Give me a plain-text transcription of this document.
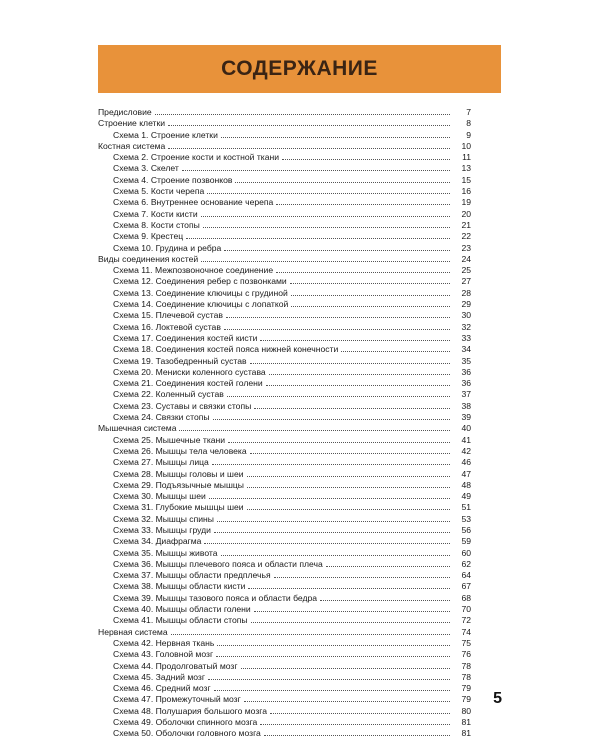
СОДЕРЖАНИЕ
Предисловие	7
Строение клетки	8
Схема 1. Строение клетки	9
Костная система	10
Схема 2. Строение кости и костной ткани	11
Схема 3. Скелет	13
Схема 4. Строение позвонков	15
Схема 5. Кости черепа	16
Схема 6. Внутреннее основание черепа	19
Схема 7. Кости кисти	20
Схема 8. Кости стопы	21
Схема 9. Крестец	22
Схема 10. Грудина и ребра	23
Виды соединения костей	24
Схема 11. Межпозвоночное соединение	25
Схема 12. Соединения ребер с позвонками	27
Схема 13. Соединение ключицы с грудиной	28
Схема 14. Соединение ключицы с лопаткой	29
Схема 15. Плечевой сустав	30
Схема 16. Локтевой сустав	32
Схема 17. Соединения костей кисти	33
Схема 18. Соединения костей пояса нижней конечности	34
Схема 19. Тазобедренный сустав	35
Схема 20. Мениски коленного сустава	36
Схема 21. Соединения костей голени	36
Схема 22. Коленный сустав	37
Схема 23. Суставы и связки стопы	38
Схема 24. Связки стопы	39
Мышечная система	40
Схема 25. Мышечные ткани	41
Схема 26. Мышцы тела человека	42
Схема 27. Мышцы лица	46
Схема 28. Мышцы головы и шеи	47
Схема 29. Подъязычные мышцы	48
Схема 30. Мышцы шеи	49
Схема 31. Глубокие мышцы шеи	51
Схема 32. Мышцы спины	53
Схема 33. Мышцы груди	56
Схема 34. Диафрагма	59
Схема 35. Мышцы живота	60
Схема 36. Мышцы плечевого пояса и области плеча	62
Схема 37. Мышцы области предплечья	64
Схема 38. Мышцы области кисти	67
Схема 39. Мышцы тазового пояса и области бедра	68
Схема 40. Мышцы области голени	70
Схема 41. Мышцы области стопы	72
Нервная система	74
Схема 42. Нервная ткань	75
Схема 43. Головной мозг	76
Схема 44. Продолговатый мозг	78
Схема 45. Задний мозг	78
Схема 46. Средний мозг	79
Схема 47. Промежуточный мозг	79
Схема 48. Полушария большого мозга	80
Схема 49. Оболочки спинного мозга	81
Схема 50. Оболочки головного мозга	81
5
